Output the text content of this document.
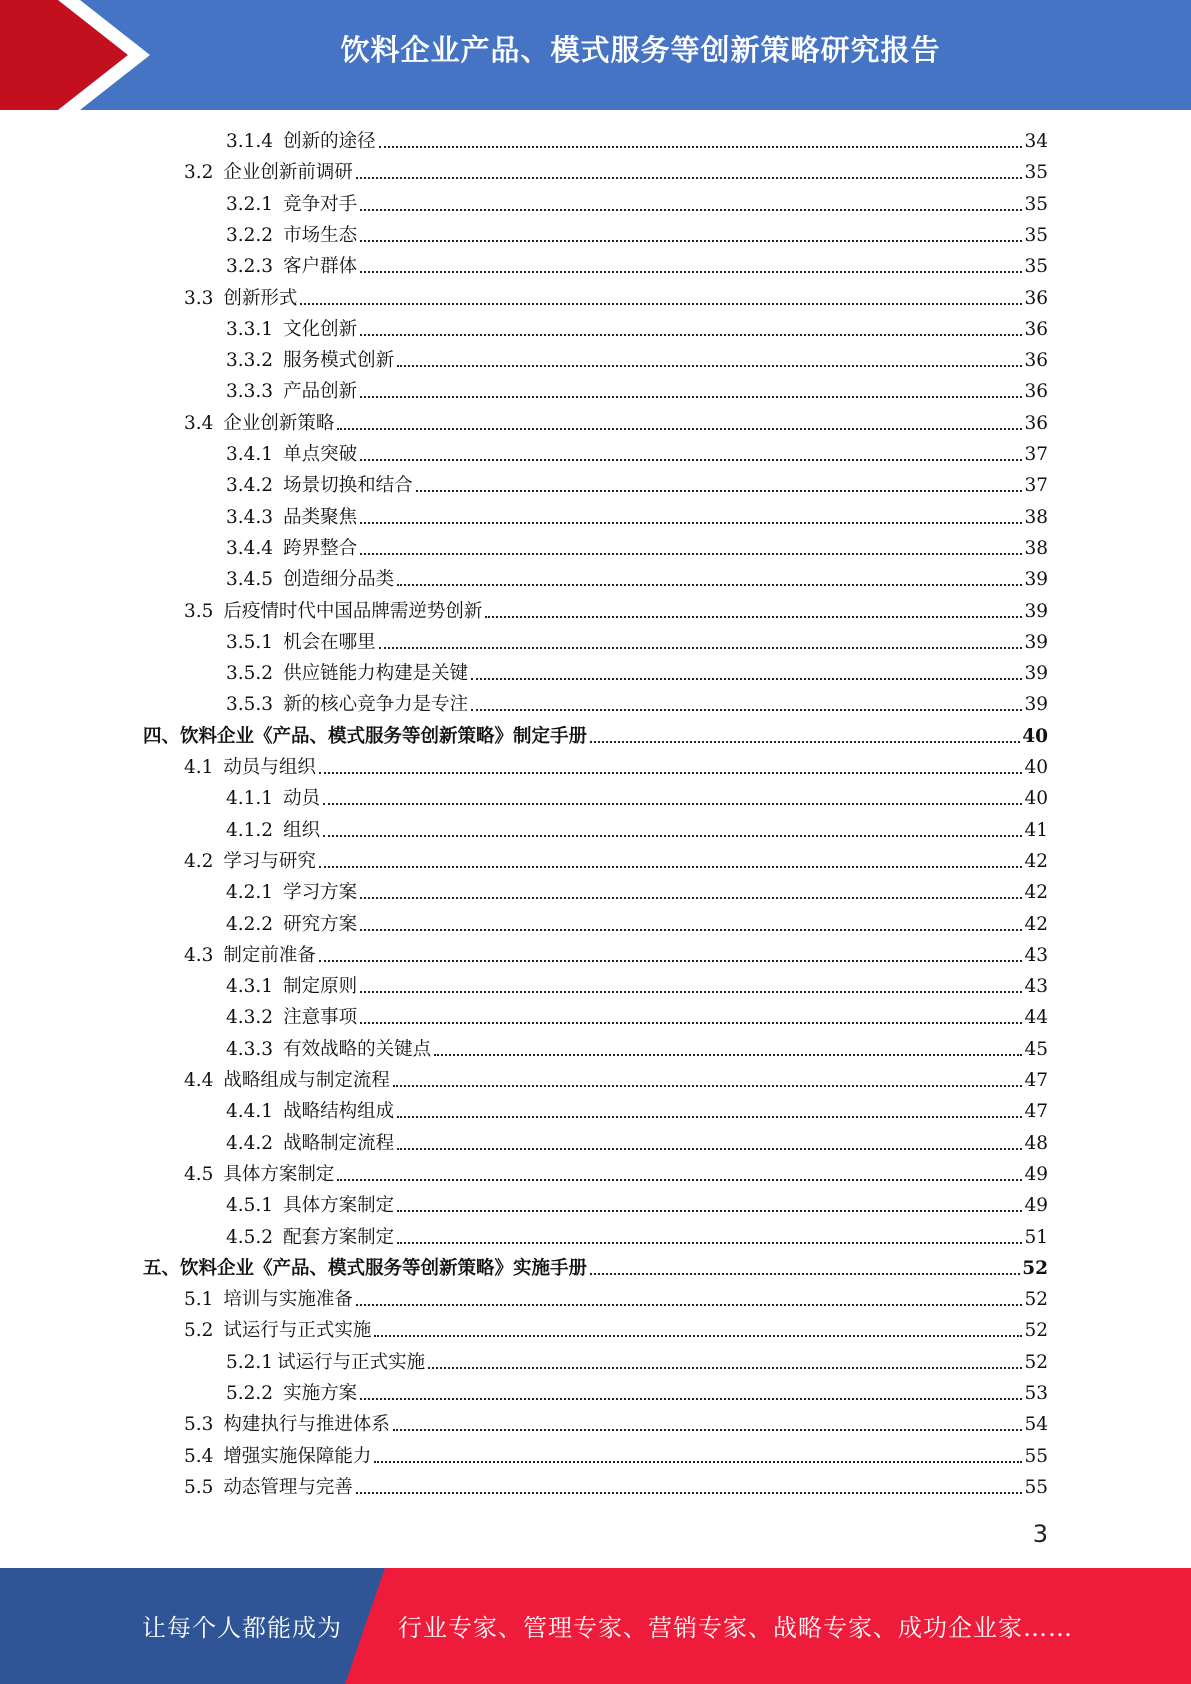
饮料企业产品、模式服务等创新策略研究报告
3.1.4 创新的途径	34
3.2 企业创新前调研	35
3.2.1 竞争对手	35
3.2.2 市场生态	35
3.2.3 客户群体	35
3.3 创新形式	36
3.3.1 文化创新	36
3.3.2 服务模式创新	36
3.3.3 产品创新	36
3.4 企业创新策略	36
3.4.1 单点突破	37
3.4.2 场景切换和结合	37
3.4.3 品类聚焦	38
3.4.4 跨界整合	38
3.4.5 创造细分品类	39
3.5 后疫情时代中国品牌需逆势创新	39
3.5.1 机会在哪里	39
3.5.2 供应链能力构建是关键	39
3.5.3 新的核心竞争力是专注	39
四、 饮料企业《产品、模式服务等创新策略》制定手册	40
4.1 动员与组织	40
4.1.1 动员	40
4.1.2 组织	41
4.2 学习与研究	42
4.2.1 学习方案	42
4.2.2 研究方案	42
4.3 制定前准备	43
4.3.1 制定原则	43
4.3.2 注意事项	44
4.3.3 有效战略的关键点	45
4.4 战略组成与制定流程	47
4.4.1 战略结构组成	47
4.4.2 战略制定流程	48
4.5 具体方案制定	49
4.5.1 具体方案制定	49
4.5.2 配套方案制定	51
五、 饮料企业《产品、模式服务等创新策略》实施手册	52
5.1 培训与实施准备	52
5.2 试运行与正式实施	52
5.2.1 试运行与正式实施	52
5.2.2 实施方案	53
5.3 构建执行与推进体系	54
5.4 增强实施保障能力	55
5.5 动态管理与完善	55
3
让每个人都能成为 行业专家、管理专家、营销专家、战略专家、成功企业家……
